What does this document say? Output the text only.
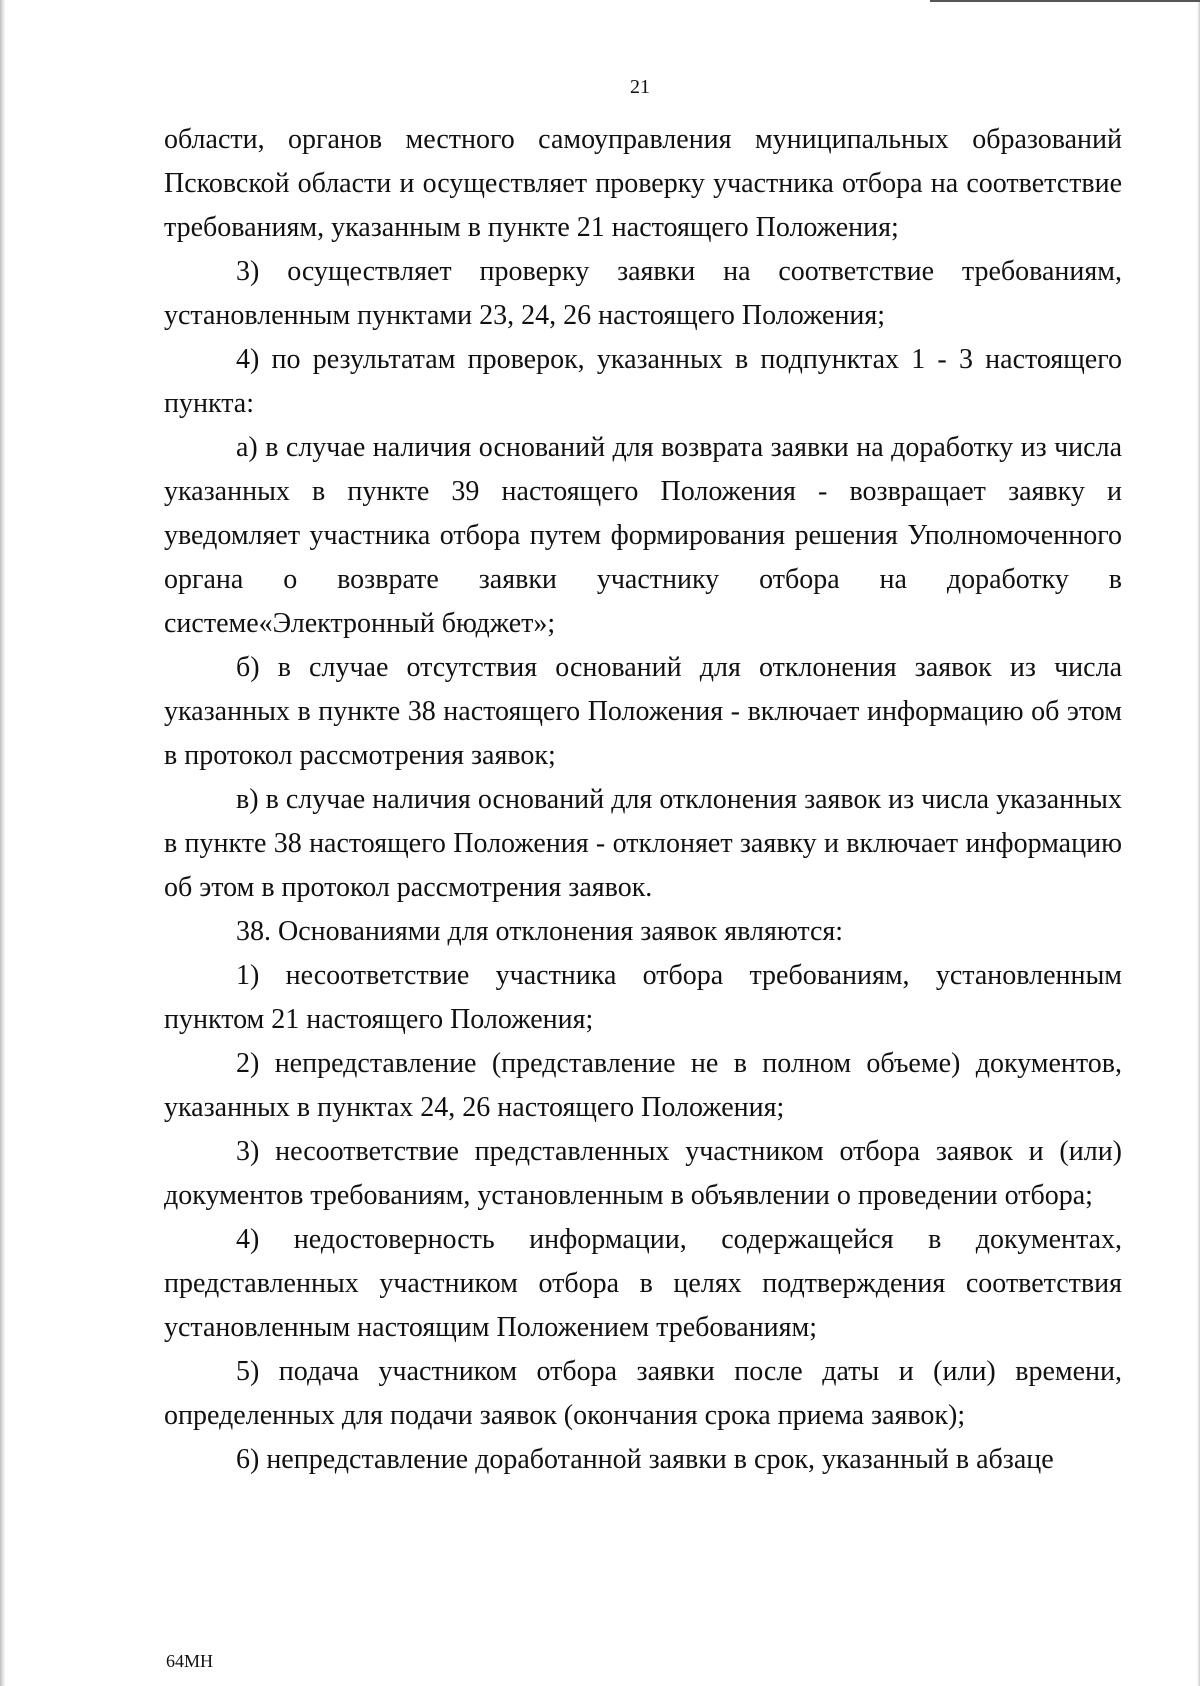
21

области, органов местного самоуправления муниципальных образований Псковской области и осуществляет проверку участника отбора на соответствие требованиям, указанным в пункте 21 настоящего Положения;

3) осуществляет проверку заявки на соответствие требованиям, установленным пунктами 23, 24, 26 настоящего Положения;

4) по результатам проверок, указанных в подпунктах 1 - 3 настоящего пункта:

а) в случае наличия оснований для возврата заявки на доработку из числа указанных в пункте 39 настоящего Положения - возвращает заявку и уведомляет участника отбора путем формирования решения Уполномоченного органа о возврате заявки участнику отбора на доработку в системе«Электронный бюджет»;

б) в случае отсутствия оснований для отклонения заявок из числа указанных в пункте 38 настоящего Положения - включает информацию об этом в протокол рассмотрения заявок;

в) в случае наличия оснований для отклонения заявок из числа указанных в пункте 38 настоящего Положения - отклоняет заявку и включает информацию об этом в протокол рассмотрения заявок.

38. Основаниями для отклонения заявок являются:

1) несоответствие участника отбора требованиям, установленным пунктом 21 настоящего Положения;

2) непредставление (представление не в полном объеме) документов, указанных в пунктах 24, 26 настоящего Положения;

3) несоответствие представленных участником отбора заявок и (или) документов требованиям, установленным в объявлении о проведении отбора;

4) недостоверность информации, содержащейся в документах, представленных участником отбора в целях подтверждения соответствия установленным настоящим Положением требованиям;

5) подача участником отбора заявки после даты и (или) времени, определенных для подачи заявок (окончания срока приема заявок);

6) непредставление доработанной заявки в срок, указанный в абзаце

64МН
